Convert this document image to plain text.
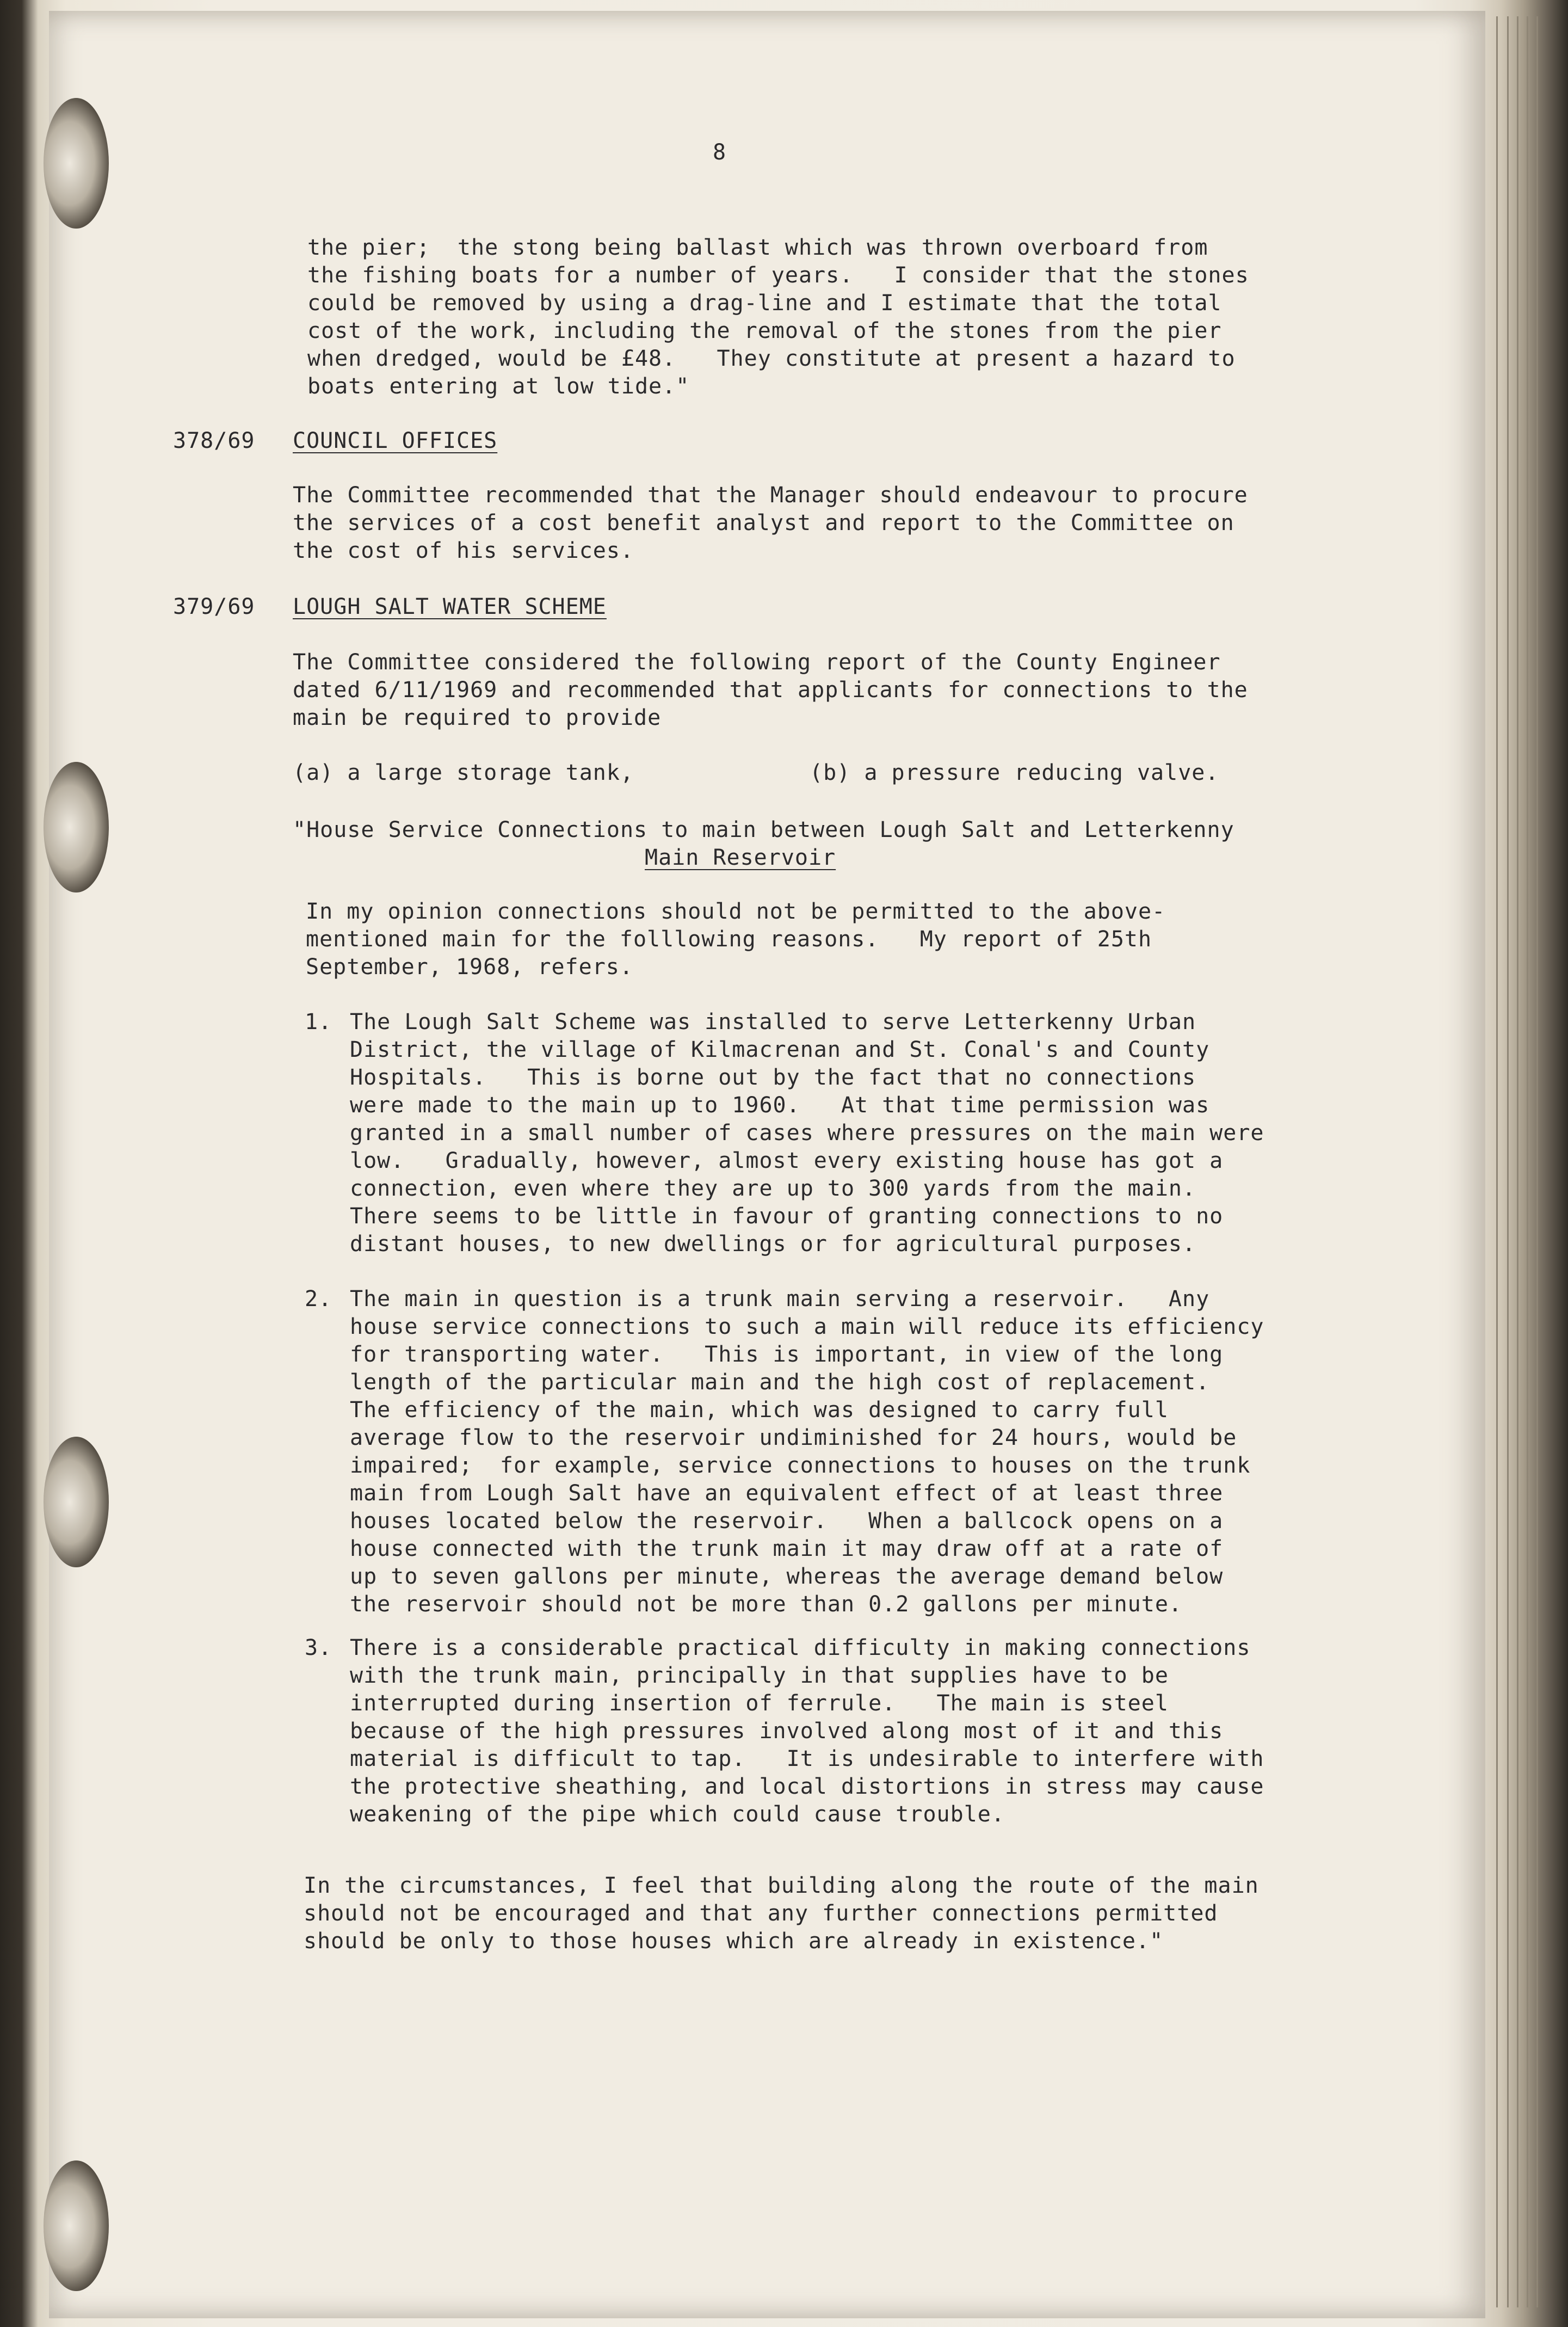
8
the pier;  the stong being ballast which was thrown overboard from
the fishing boats for a number of years.   I consider that the stones
could be removed by using a drag-line and I estimate that the total
cost of the work, including the removal of the stones from the pier
when dredged, would be £48.   They constitute at present a hazard to
boats entering at low tide."
378/69 COUNCIL OFFICES
The Committee recommended that the Manager should endeavour to procure
the services of a cost benefit analyst and report to the Committee on
the cost of his services.
379/69 LOUGH SALT WATER SCHEME
The Committee considered the following report of the County Engineer
dated 6/11/1969 and recommended that applicants for connections to the
main be required to provide
(a) a large storage tank,	(b) a pressure reducing valve.
"House Service Connections to main between Lough Salt and Letterkenny
Main Reservoir
In my opinion connections should not be permitted to the above-
mentioned main for the folllowing reasons.   My report of 25th
September, 1968, refers.
1. The Lough Salt Scheme was installed to serve Letterkenny Urban
District, the village of Kilmacrenan and St. Conal's and County
Hospitals.   This is borne out by the fact that no connections
were made to the main up to 1960.   At that time permission was
granted in a small number of cases where pressures on the main were
low.   Gradually, however, almost every existing house has got a
connection, even where they are up to 300 yards from the main.
There seems to be little in favour of granting connections to no
distant houses, to new dwellings or for agricultural purposes.
2. The main in question is a trunk main serving a reservoir.   Any
house service connections to such a main will reduce its efficiency
for transporting water.   This is important, in view of the long
length of the particular main and the high cost of replacement.
The efficiency of the main, which was designed to carry full
average flow to the reservoir undiminished for 24 hours, would be
impaired;  for example, service connections to houses on the trunk
main from Lough Salt have an equivalent effect of at least three
houses located below the reservoir.   When a ballcock opens on a
house connected with the trunk main it may draw off at a rate of
up to seven gallons per minute, whereas the average demand below
the reservoir should not be more than 0.2 gallons per minute.
3. There is a considerable practical difficulty in making connections
with the trunk main, principally in that supplies have to be
interrupted during insertion of ferrule.   The main is steel
because of the high pressures involved along most of it and this
material is difficult to tap.   It is undesirable to interfere with
the protective sheathing, and local distortions in stress may cause
weakening of the pipe which could cause trouble.
In the circumstances, I feel that building along the route of the main
should not be encouraged and that any further connections permitted
should be only to those houses which are already in existence."
